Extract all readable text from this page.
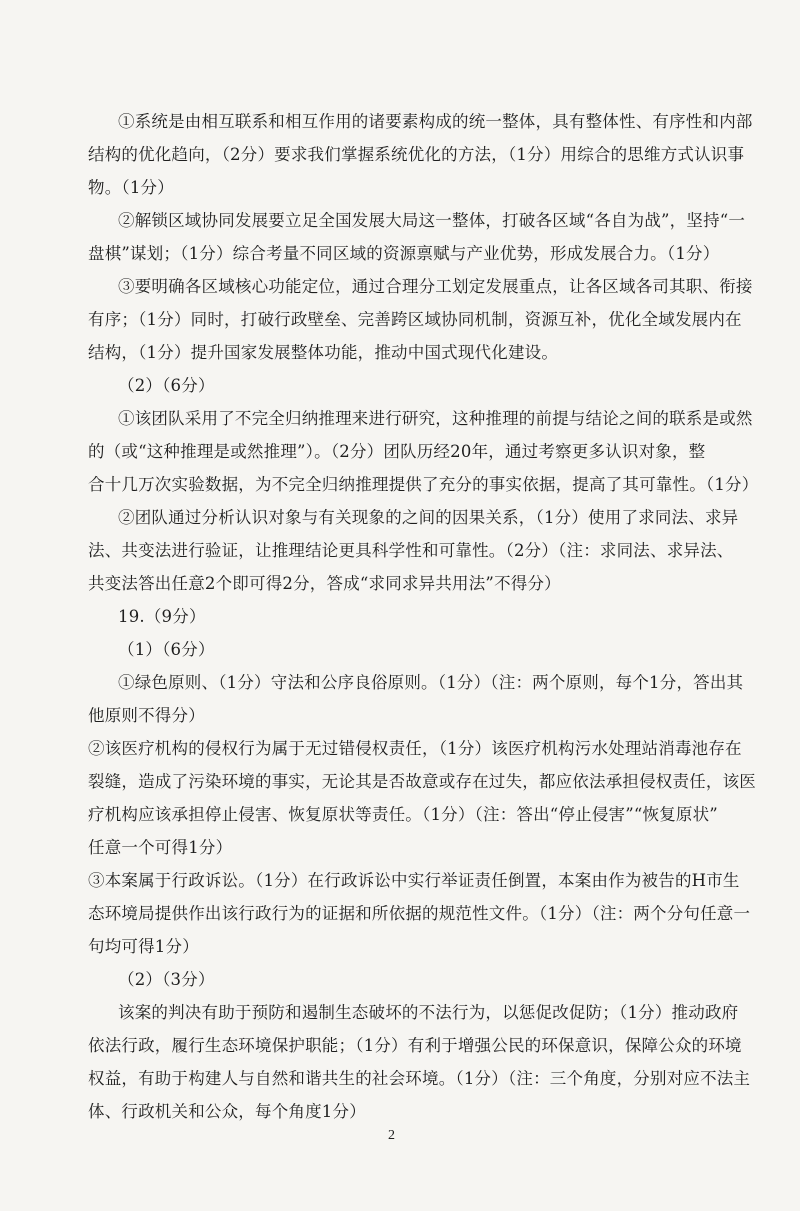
①系统是由相互联系和相互作用的诸要素构成的统一整体，具有整体性、有序性和内部
结构的优化趋向，（2分）要求我们掌握系统优化的方法，（1分）用综合的思维方式认识事
物。（1分）
②解锁区域协同发展要立足全国发展大局这一整体，打破各区域“各自为战”，坚持“一
盘棋”谋划；（1分）综合考量不同区域的资源禀赋与产业优势，形成发展合力。（1分）
③要明确各区域核心功能定位，通过合理分工划定发展重点，让各区域各司其职、衔接
有序；（1分）同时，打破行政壁垒、完善跨区域协同机制，资源互补，优化全域发展内在
结构，（1分）提升国家发展整体功能，推动中国式现代化建设。
（2）（6分）
①该团队采用了不完全归纳推理来进行研究，这种推理的前提与结论之间的联系是或然
的（或“这种推理是或然推理”）。（2分）团队历经20年，通过考察更多认识对象，整
合十几万次实验数据，为不完全归纳推理提供了充分的事实依据，提高了其可靠性。（1分）
②团队通过分析认识对象与有关现象的之间的因果关系，（1分）使用了求同法、求异
法、共变法进行验证，让推理结论更具科学性和可靠性。（2分）（注：求同法、求异法、
共变法答出任意2个即可得2分，答成“求同求异共用法”不得分）
19.（9分）
（1）（6分）
①绿色原则、（1分）守法和公序良俗原则。（1分）（注：两个原则，每个1分，答出其
他原则不得分）
②该医疗机构的侵权行为属于无过错侵权责任，（1分）该医疗机构污水处理站消毒池存在
裂缝，造成了污染环境的事实，无论其是否故意或存在过失，都应依法承担侵权责任，该医
疗机构应该承担停止侵害、恢复原状等责任。（1分）（注：答出“停止侵害”“恢复原状”
任意一个可得1分）
③本案属于行政诉讼。（1分）在行政诉讼中实行举证责任倒置，本案由作为被告的H市生
态环境局提供作出该行政行为的证据和所依据的规范性文件。（1分）（注：两个分句任意一
句均可得1分）
（2）（3分）
该案的判决有助于预防和遏制生态破坏的不法行为，以惩促改促防；（1分）推动政府
依法行政，履行生态环境保护职能；（1分）有利于增强公民的环保意识，保障公众的环境
权益，有助于构建人与自然和谐共生的社会环境。（1分）（注：三个角度，分别对应不法主
体、行政机关和公众，每个角度1分）
2
